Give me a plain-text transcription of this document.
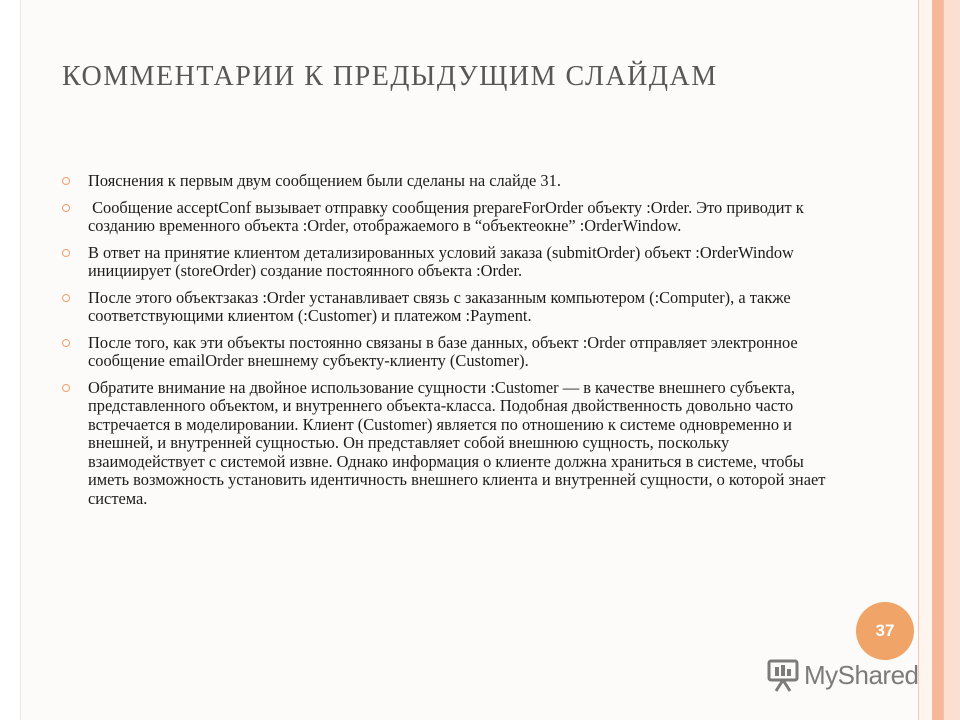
КОММЕНТАРИИ К ПРЕДЫДУЩИМ СЛАЙДАМ
Пояснения к первым двум сообщением были сделаны на слайде 31.
Сообщение acceptConf вызывает отправку сообщения prepareForOrder объекту :Order. Это приводит к созданию временного объекта :Order, отображаемого в “объектеокне” :OrderWindow.
В ответ на принятие клиентом детализированных условий заказа (submitOrder) объект :OrderWindow инициирует (storeOrder) создание постоянного объекта :Order.
После этого объектзаказ :Order устанавливает связь с заказанным компьютером (:Computer), а также соответствующими клиентом (:Customer) и платежом :Payment.
После того, как эти объекты постоянно связаны в базе данных, объект :Order отправляет электронное сообщение emailOrder внешнему субъекту-клиенту (Customer).
Обратите внимание на двойное использование сущности :Customer — в качестве внешнего субъекта, представленного объектом, и внутреннего объекта-класса. Подобная двойственность довольно часто встречается в моделировании. Клиент (Customer) является по отношению к системе одновременно и внешней, и внутренней сущностью. Он представляет собой внешнюю сущность, поскольку взаимодействует с системой извне. Однако информация о клиенте должна храниться в системе, чтобы иметь возможность установить идентичность внешнего клиента и внутренней сущности, о которой знает система.
37
MyShared
